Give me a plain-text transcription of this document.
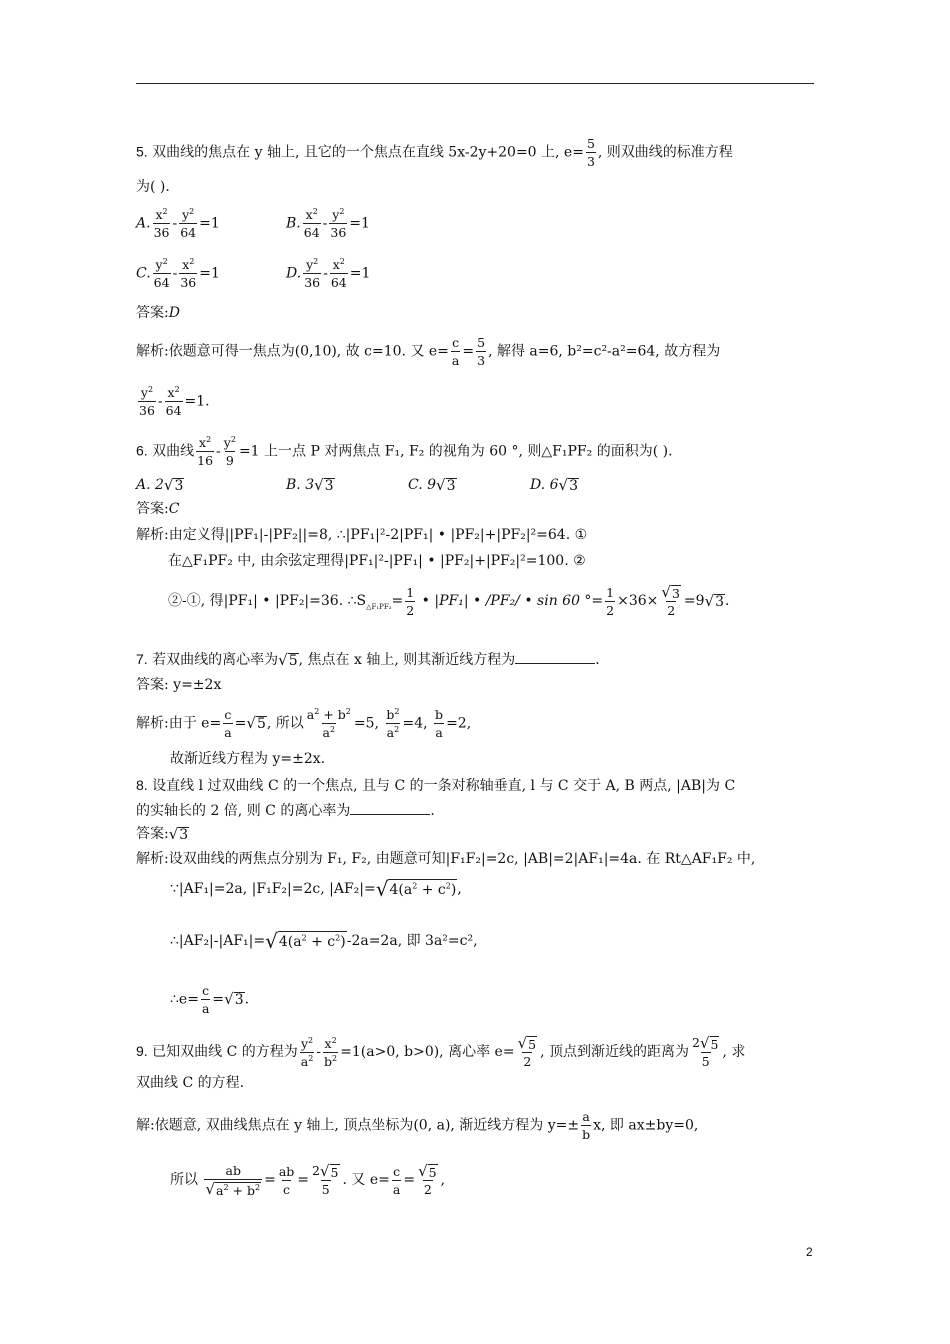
5. 双曲线的焦点在 y 轴上, 且它的一个焦点在直线 5x-2y+20=0 上, $e= \frac{5}{3}$ , 则双曲线的标准方程
为( ).
A. $\frac{x^2}{36} - \frac{y^2}{64} =1$	B. $\frac{x^2}{64} - \frac{y^2}{36} =1$
C. $\frac{y^2}{64} - \frac{x^2}{36} =1$	D. $\frac{y^2}{36} - \frac{x^2}{64} =1$
答案:D
解析:依题意可得一焦点为(0,10), 故 c=10. 又 $e= \frac{c}{a} = \frac{5}{3}$ , 解得 a=6, b²=c²-a²=64, 故方程为
$\frac{y^2}{36} - \frac{x^2}{64} =1$.
6. 双曲线 $\frac{x^2}{16} - \frac{y^2}{9} =1$ 上一点 P 对两焦点 F₁, F₂ 的视角为 60 °, 则△F₁PF₂ 的面积为( ).
A. 2 √ 3	B. 3 √ 3	C. 9 √ 3	D. 6 √ 3
答案:C
解析:由定义得||PF₁|-|PF₂||=8, ∴|PF₁|²-2|PF₁| • |PF₂|+|PF₂|²=64. ①
在△F₁PF₂ 中, 由余弦定理得|PF₁|²-|PF₁| • |PF₂|+|PF₂|²=100. ②
②-①, 得|PF₁| • |PF₂|=36. $\therefore S_{\triangle F_1PF_2}= \frac{1}{2}$ • |PF₁| • /PF₂/ • sin 60 °= $\frac{1}{2} \times 36\times \frac{√ 3}{2} =9$ √ 3 .
7. 若双曲线的离心率为 √ 5 , 焦点在 x 轴上, 则其渐近线方程为	.
答案: y=±2x
解析:由于 $e= \frac{c}{a}$ = √ 5 , 所以 $\frac{a^2 + b^2}{a^2} =5$, $\frac{b^2}{a^2} =4$, $\frac{b}{a} =2$,
故渐近线方程为 y=±2x.
8. 设直线 l 过双曲线 C 的一个焦点, 且与 C 的一条对称轴垂直, l 与 C 交于 A, B 两点, |AB|为 C
的实轴长的 2 倍, 则 C 的离心率为	.
答案: √ 3
解析:设双曲线的两焦点分别为 F₁, F₂, 由题意可知|F₁F₂|=2c, |AB|=2|AF₁|=4a. 在 Rt△AF₁F₂ 中,
∵|AF₁|=2a, |F₁F₂|=2c, |AF₂|= √ $4(a^2 + c^2)$ ,
∴|AF₂|-|AF₁|= √ $4(a^2 + c^2)$ -2a=2a, 即 3a²=c²,
∴e= $\frac{c}{a}$ = √ 3 .
9. 已知双曲线 C 的方程为 $\frac{y^2}{a^2} - \frac{x^2}{b^2} =1(a>0$, b>0), 离心率 $e= \frac{√ 5}{2}$ , 顶点到渐近线的距离为 $\frac{2 √ 5}{5}$ , 求
双曲线 C 的方程.
解:依题意, 双曲线焦点在 y 轴上, 顶点坐标为(0, a), 渐近线方程为 $y=\pm \frac{a}{b} x$, 即 ax±by=0,
所以 $\frac{ab}{√ a^2 + b^2} = \frac{ab}{c} = \frac{2 √ 5}{5}$ . 又 $e= \frac{c}{a} = \frac{√ 5}{2}$ ,
2
